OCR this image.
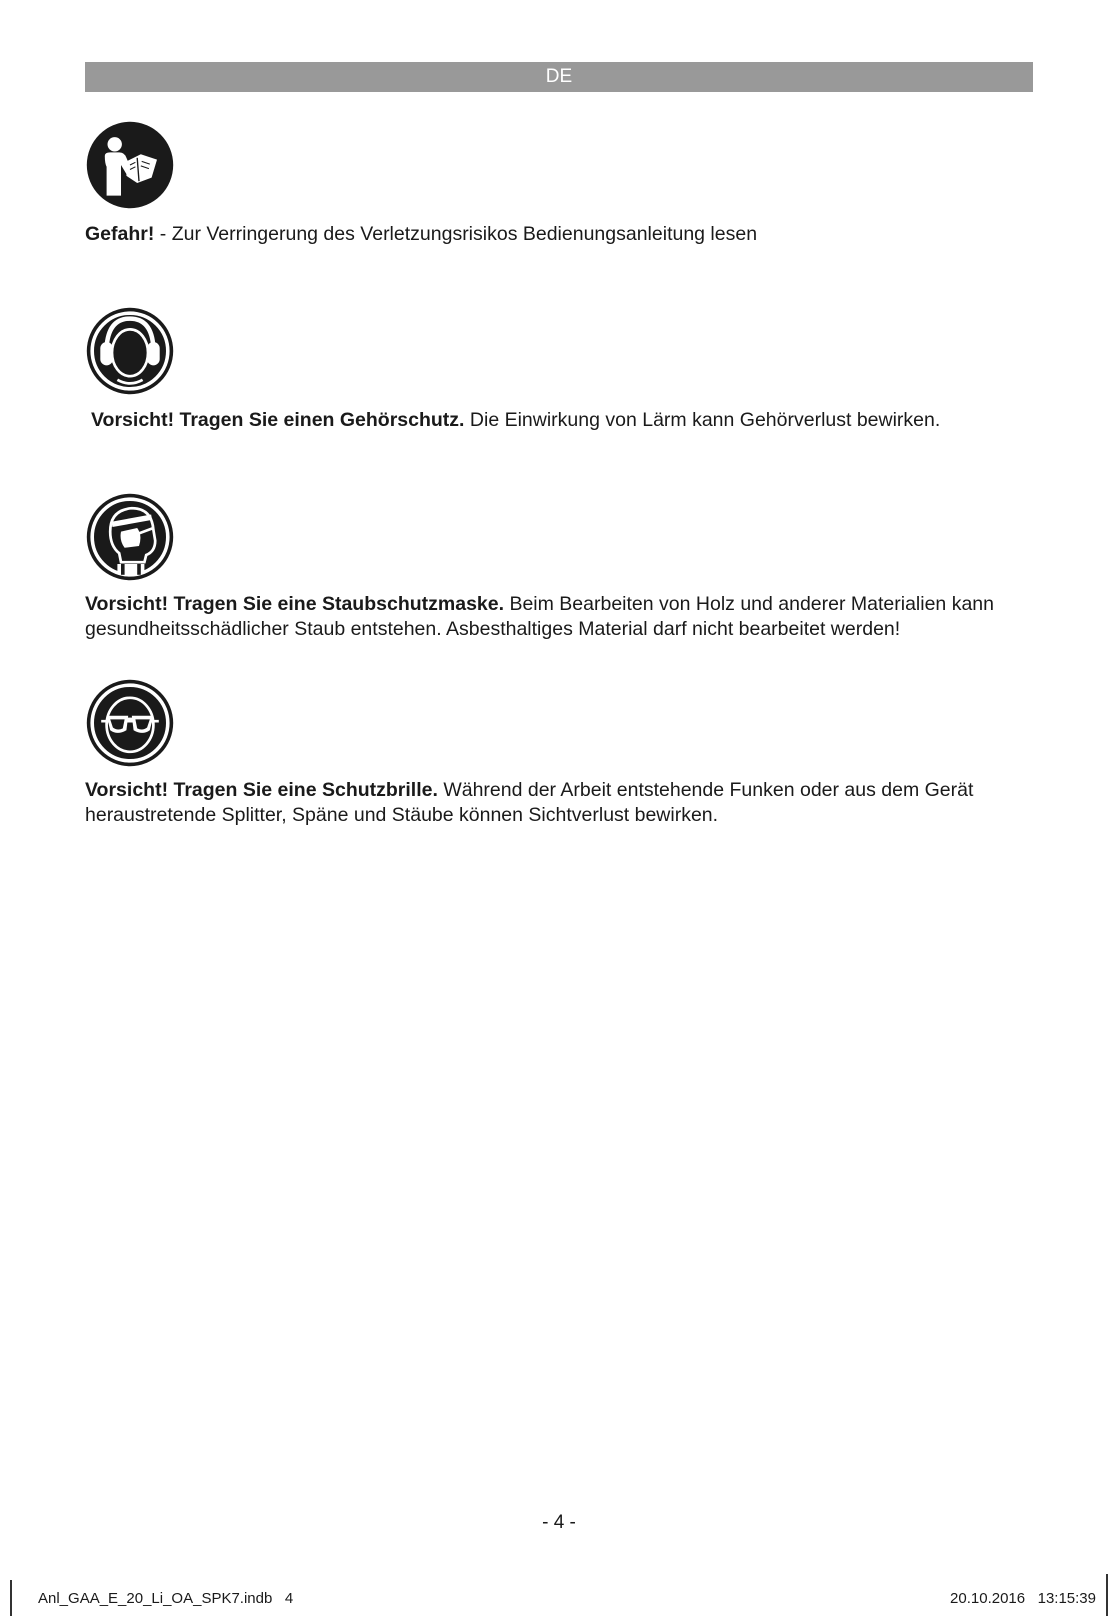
DE

Gefahr! - Zur Verringerung des Verletzungsrisikos Bedienungsanleitung lesen

Vorsicht! Tragen Sie einen Gehörschutz. Die Einwirkung von Lärm kann Gehörverlust bewirken.

Vorsicht! Tragen Sie eine Staubschutzmaske. Beim Bearbeiten von Holz und anderer Materialien kann gesundheitsschädlicher Staub entstehen. Asbesthaltiges Material darf nicht bearbeitet werden!

Vorsicht! Tragen Sie eine Schutzbrille. Während der Arbeit entstehende Funken oder aus dem Gerät heraustretende Splitter, Späne und Stäube können Sichtverlust bewirken.

- 4 -
Anl_GAA_E_20_Li_OA_SPK7.indb   4	20.10.2016   13:15:39
